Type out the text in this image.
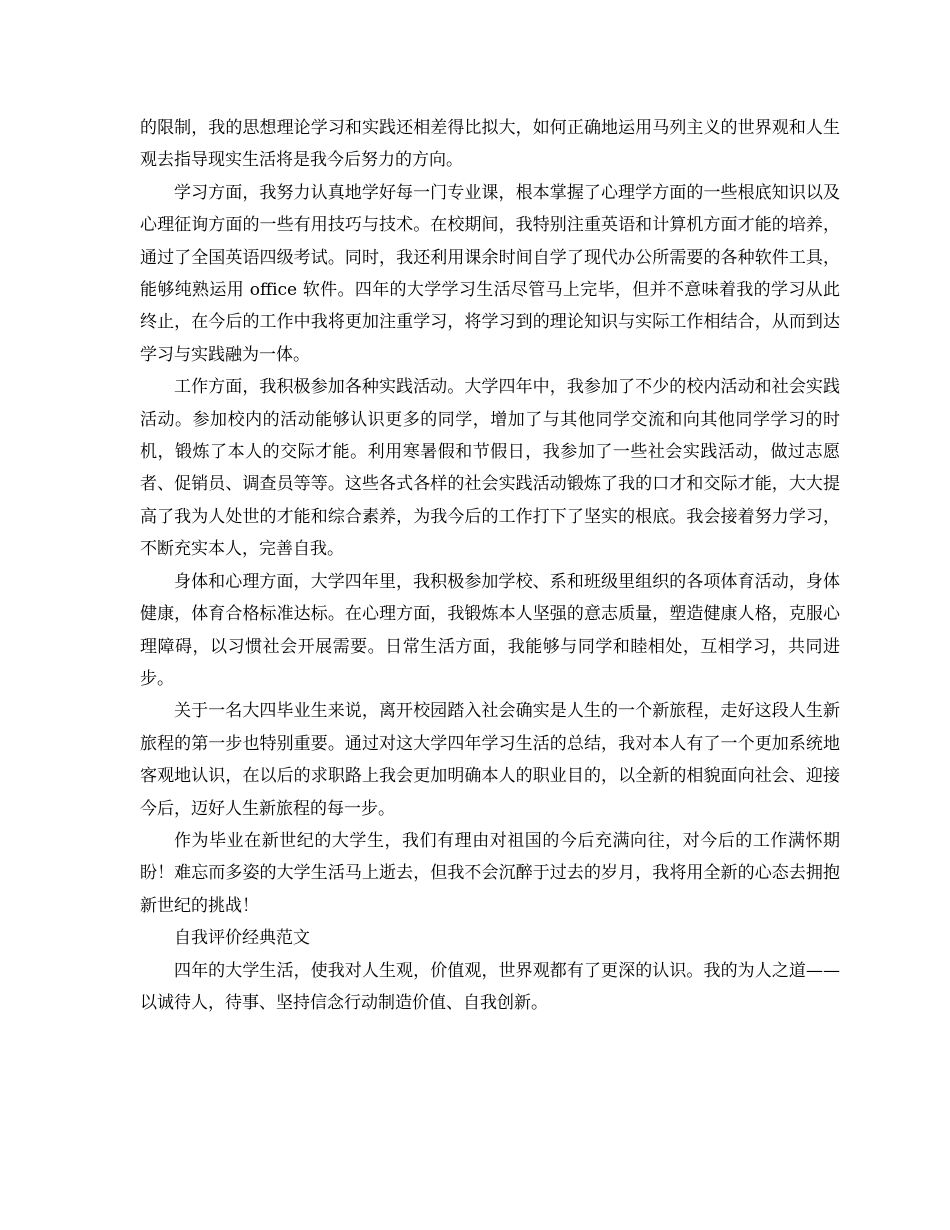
的限制，我的思想理论学习和实践还相差得比拟大，如何正确地运用马列主义的世界观和人生观去指导现实生活将是我今后努力的方向。

学习方面，我努力认真地学好每一门专业课，根本掌握了心理学方面的一些根底知识以及心理征询方面的一些有用技巧与技术。在校期间，我特别注重英语和计算机方面才能的培养，通过了全国英语四级考试。同时，我还利用课余时间自学了现代办公所需要的各种软件工具，能够纯熟运用 office 软件。四年的大学学习生活尽管马上完毕，但并不意味着我的学习从此终止，在今后的工作中我将更加注重学习，将学习到的理论知识与实际工作相结合，从而到达学习与实践融为一体。

工作方面，我积极参加各种实践活动。大学四年中，我参加了不少的校内活动和社会实践活动。参加校内的活动能够认识更多的同学，增加了与其他同学交流和向其他同学学习的时机，锻炼了本人的交际才能。利用寒暑假和节假日，我参加了一些社会实践活动，做过志愿者、促销员、调查员等等。这些各式各样的社会实践活动锻炼了我的口才和交际才能，大大提高了我为人处世的才能和综合素养，为我今后的工作打下了坚实的根底。我会接着努力学习，不断充实本人，完善自我。

身体和心理方面，大学四年里，我积极参加学校、系和班级里组织的各项体育活动，身体健康，体育合格标准达标。在心理方面，我锻炼本人坚强的意志质量，塑造健康人格，克服心理障碍，以习惯社会开展需要。日常生活方面，我能够与同学和睦相处，互相学习，共同进步。

关于一名大四毕业生来说，离开校园踏入社会确实是人生的一个新旅程，走好这段人生新旅程的第一步也特别重要。通过对这大学四年学习生活的总结，我对本人有了一个更加系统地客观地认识，在以后的求职路上我会更加明确本人的职业目的，以全新的相貌面向社会、迎接今后，迈好人生新旅程的每一步。

作为毕业在新世纪的大学生，我们有理由对祖国的今后充满向往，对今后的工作满怀期盼！难忘而多姿的大学生活马上逝去，但我不会沉醉于过去的岁月，我将用全新的心态去拥抱新世纪的挑战！

自我评价经典范文

四年的大学生活，使我对人生观，价值观，世界观都有了更深的认识。我的为人之道——以诚待人，待事、坚持信念行动制造价值、自我创新。
